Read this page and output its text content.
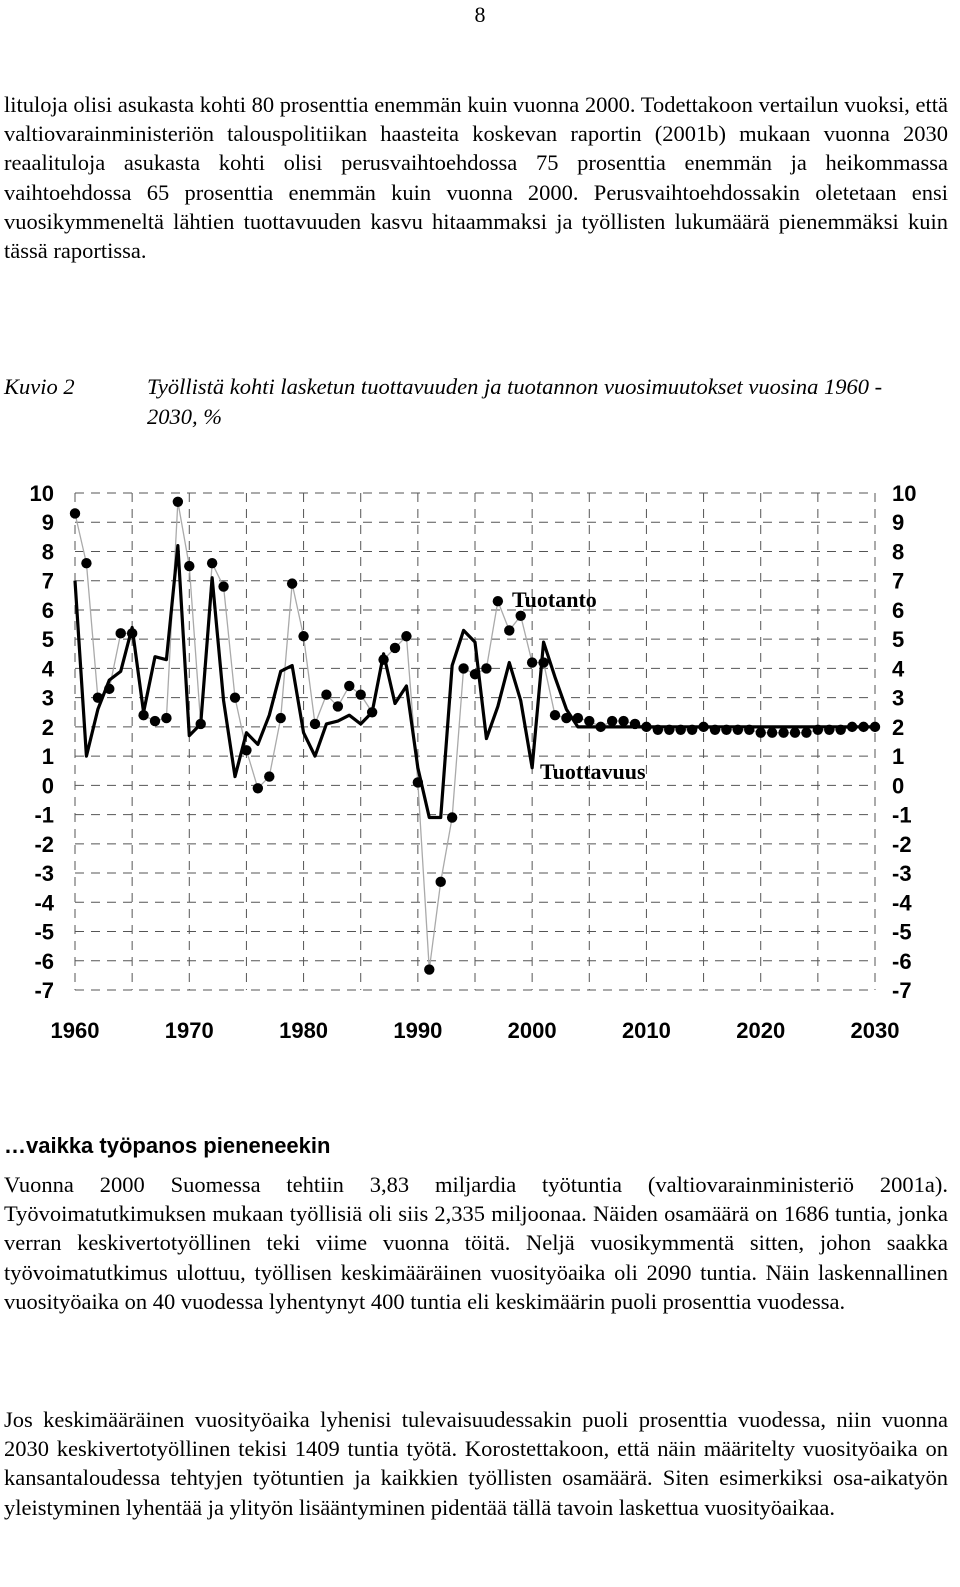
8

lituloja olisi asukasta kohti 80 prosenttia enemmän kuin vuonna 2000. Todettakoon vertailun vuoksi, että valtiovarainministeriön talouspolitiikan haasteita koskevan raportin (2001b) mukaan vuonna 2030 reaalituloja asukasta kohti olisi perusvaihtoehdossa 75 prosenttia enemmän ja heikommassa vaihtoehdossa 65 prosenttia enemmän kuin vuonna 2000. Perusvaihtoehdossakin oletetaan ensi vuosikymmeneltä lähtien tuottavuuden kasvu hitaammaksi ja työllisten lukumäärä pienemmäksi kuin tässä raportissa.

Kuvio 2	Työllistä kohti lasketun tuottavuuden ja tuotannon vuosimuutokset vuosina 1960 - 2030, %
10
9
8
7
6
5
4
3
2
1
0
-1
-2
-3
-4
-5
-6
-7
10
9
8
7
6
5
4
3
2
1
0
-1
-2
-3
-4
-5
-6
-7
1960	1970	1980	1990	2000	2010	2020	2030
Tuotanto
Tuottavuus
…vaikka työpanos pieneneekin

Vuonna 2000 Suomessa tehtiin 3,83 miljardia työtuntia (valtiovarainministeriö 2001a). Työvoimatutkimuksen mukaan työllisiä oli siis 2,335 miljoonaa. Näiden osamäärä on 1686 tuntia, jonka verran keskivertotyöllinen teki viime vuonna töitä. Neljä vuosikymmentä sitten, johon saakka työvoimatutkimus ulottuu, työllisen keskimääräinen vuosityöaika oli 2090 tuntia. Näin laskennallinen vuosityöaika on 40 vuodessa lyhentynyt 400 tuntia eli keskimäärin puoli prosenttia vuodessa.

Jos keskimääräinen vuosityöaika lyhenisi tulevaisuudessakin puoli prosenttia vuodessa, niin vuonna 2030 keskivertotyöllinen tekisi 1409 tuntia työtä. Korostettakoon, että näin määritelty vuosityöaika on kansantaloudessa tehtyjen työtuntien ja kaikkien työllisten osamäärä. Siten esimerkiksi osa-aikatyön yleistyminen lyhentää ja ylityön lisääntyminen pidentää tällä tavoin laskettua vuosityöaikaa.
